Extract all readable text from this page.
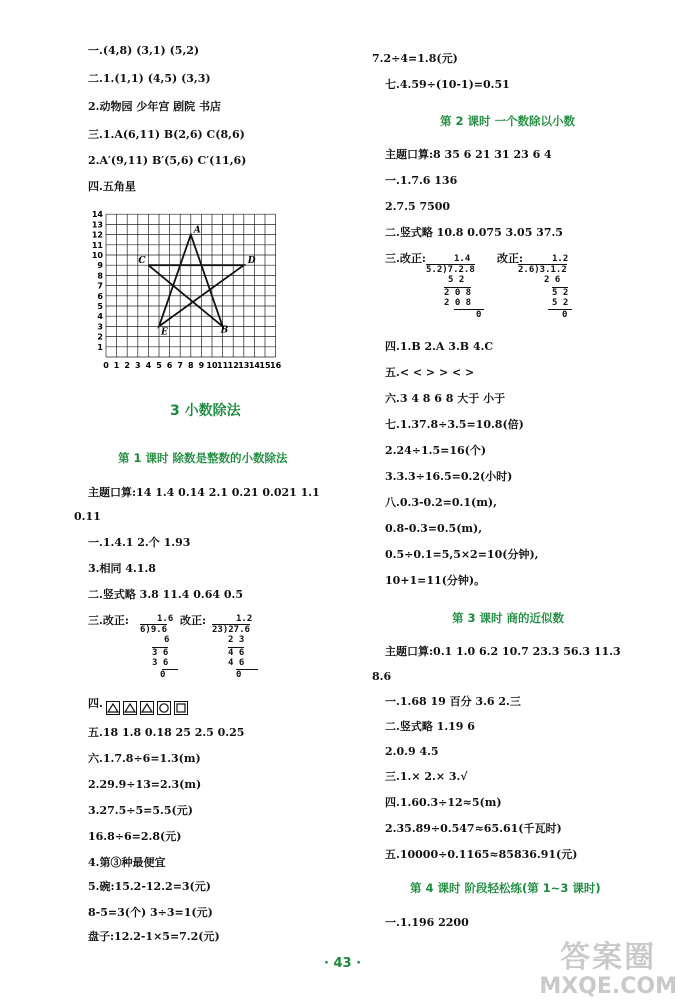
一.(4,8) (3,1) (5,2)
二.1.(1,1) (4,5) (3,3)
2.动物园 少年宫 剧院 书店
三.1.A(6,11) B(2,6) C(8,6)
2.A′(9,11) B′(5,6) C′(11,6)
四.五角星
0 1 2 3 4 5 6 7 8 9 10 11 12 13 14 15 16
1
2
3
4
5
6
7
8
9
10
11
12
13
14
A
B
C	D
E
3 小数除法
第 1 课时 除数是整数的小数除法
主题口算:14 1.4 0.14 2.1 0.21 0.021 1.1
0.11
一.1.4.1 2.个 1.93
3.相同 4.1.8
二.竖式略 3.8 11.4 0.64 0.5
三.改正:	改正:
1.6
6)9.6
6
3 6
3 6
0
1.2
23)27.6
2 3
4 6
4 6
0
四.
五.18 1.8 0.18 25 2.5 0.25
六.1.7.8÷6=1.3(m)
2.29.9÷13=2.3(m)
3.27.5÷5=5.5(元)
16.8÷6=2.8(元)
4.第③种最便宜
5.碗:15.2-12.2=3(元)
8-5=3(个) 3÷3=1(元)
盘子:12.2-1×5=7.2(元)
7.2÷4=1.8(元)
七.4.59÷(10-1)=0.51
第 2 课时 一个数除以小数
主题口算:8 35 6 21 31 23 6 4
一.1.7.6 136
2.7.5 7500
二.竖式略 10.8 0.075 3.05 37.5
三.改正:	改正:
1.4
5.2)7.2.8
5 2
2 0 8
2 0 8
0
1.2
2.6)3.1.2
2 6
5 2
5 2
0
四.1.B 2.A 3.B 4.C
五.< < > > < >
六.3 4 8 6 8 大于 小于
七.1.37.8÷3.5=10.8(倍)
2.24÷1.5=16(个)
3.3.3÷16.5=0.2(小时)
八.0.3-0.2=0.1(m),
0.8-0.3=0.5(m),
0.5÷0.1=5,5×2=10(分钟),
10+1=11(分钟)。
第 3 课时 商的近似数
主题口算:0.1 1.0 6.2 10.7 23.3 56.3 11.3
8.6
一.1.68 19 百分 3.6 2.三
二.竖式略 1.19 6
2.0.9 4.5
三.1.× 2.× 3.√
四.1.60.3÷12≈5(m)
2.35.89÷0.547≈65.61(千瓦时)
五.10000÷0.1165≈85836.91(元)
第 4 课时 阶段轻松练(第 1~3 课时)
一.1.196 2200
· 43 ·	答案圈
MXQE.COM
